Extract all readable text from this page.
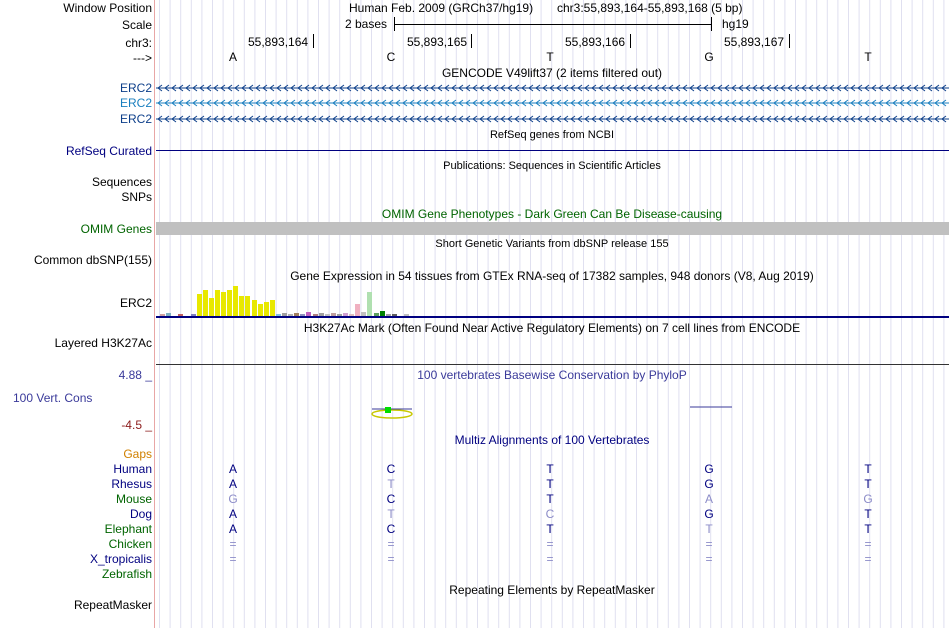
Window Position	Human Feb. 2009 (GRCh37/hg19) chr3:55,893,164-55,893,168 (5 bp)
Scale	2 bases	hg19
chr3:	55,893,164	55,893,165	55,893,166	55,893,167
--->	A	C	T	G	T
GENCODE V49lift37 (2 items filtered out)
ERC2
ERC2
ERC2
RefSeq genes from NCBI
RefSeq Curated
Publications: Sequences in Scientific Articles
Sequences
SNPs
OMIM Gene Phenotypes - Dark Green Can Be Disease-causing
OMIM Genes
Short Genetic Variants from dbSNP release 155
Common dbSNP(155)
Gene Expression in 54 tissues from GTEx RNA-seq of 17382 samples, 948 donors (V8, Aug 2019)
ERC2
H3K27Ac Mark (Often Found Near Active Regulatory Elements) on 7 cell lines from ENCODE
Layered H3K27Ac
4.88 _
100 Vert. Cons
-4.5 _
100 vertebrates Basewise Conservation by PhyloP
Multiz Alignments of 100 Vertebrates
Gaps
Human	A	C	T	G	T
Rhesus	A	T	T	G	T
Mouse	G	C	T	A	G
Dog	A	T	C	G	T
Elephant	A	C	T	T	T
Chicken	=	=	=	=	=
X_tropicalis	=	=	=	=	=
Zebrafish
Repeating Elements by RepeatMasker
RepeatMasker
